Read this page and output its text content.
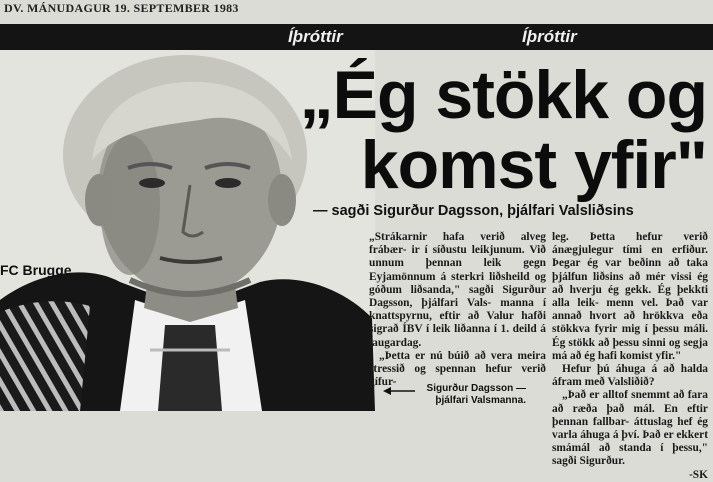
DV. MÁNUDAGUR 19. SEPTEMBER 1983
Íþróttir	Íþróttir
FC Brugge
„Ég stökk og
komst yfir"
— sagði Sigurður Dagsson, þjálfari Valsliðsins

„Strákarnir hafa verið alveg frábær- ir í síðustu leikjunum. Við unnum þennan leik gegn Eyjamönnum á sterkri liðsheild og góðum liðsanda," sagði Sigurður Dagsson, þjálfari Vals- manna í knattspyrnu, eftir að Valur hafði sigrað ÍBV í leik liðanna í 1. deild á laugardag.

„Þetta er nú búið að vera meira stressið og spennan hefur verið gífur-

leg. Þetta hefur verið ánægjulegur tími en erfiður. Þegar ég var beðinn að taka þjálfun liðsins að mér vissi ég að hverju ég gekk. Ég þekkti alla leik- menn vel. Það var annað hvort að hrökkva eða stökkva fyrir mig í þessu máli. Ég stökk að þessu sinni og segja má að ég hafi komist yfir."

Hefur þú áhuga á að halda áfram með Valsliðið?

„Það er alltof snemmt að fara að ræða það mál. En eftir þennan fallbar- áttuslag hef ég varla áhuga á því. Það er ekkert smámál að standa í þessu," sagði Sigurður.

-SK

Sigurður Dagsson —
þjálfari Valsmanna.
